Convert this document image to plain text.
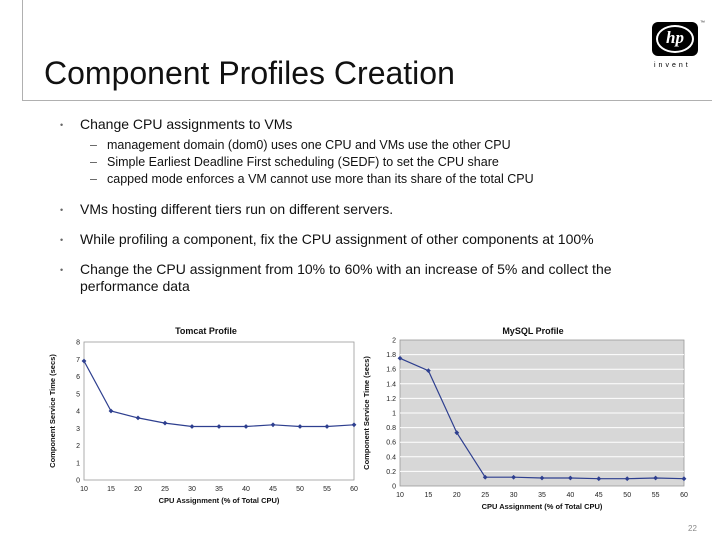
hp
™
invent
Component Profiles Creation
• Change CPU assignments to VMs
– management domain (dom0) uses one CPU and VMs use the other CPU
– Simple Earliest Deadline First scheduling (SEDF) to set the CPU share
– capped mode enforces a VM cannot use more than its share of the total CPU
• VMs hosting different tiers run on different servers.
• While profiling a component, fix the CPU assignment of other components at 100%
• Change the CPU assignment from 10% to 60% with an increase of 5% and collect the performance data
0
1
2
3
4
5
6
7
8
10	15	20	25	30	35	40	45	50	55	60
Tomcat Profile
CPU Assignment (% of Total CPU)
Component Service Time (secs)
0
0.2
0.4
0.6
0.8
1
1.2
1.4
1.6
1.8
2
10	15	20	25	30	35	40	45	50	55	60
MySQL Profile
CPU Assignment (% of Total CPU)
Component Service Time (secs)
22
